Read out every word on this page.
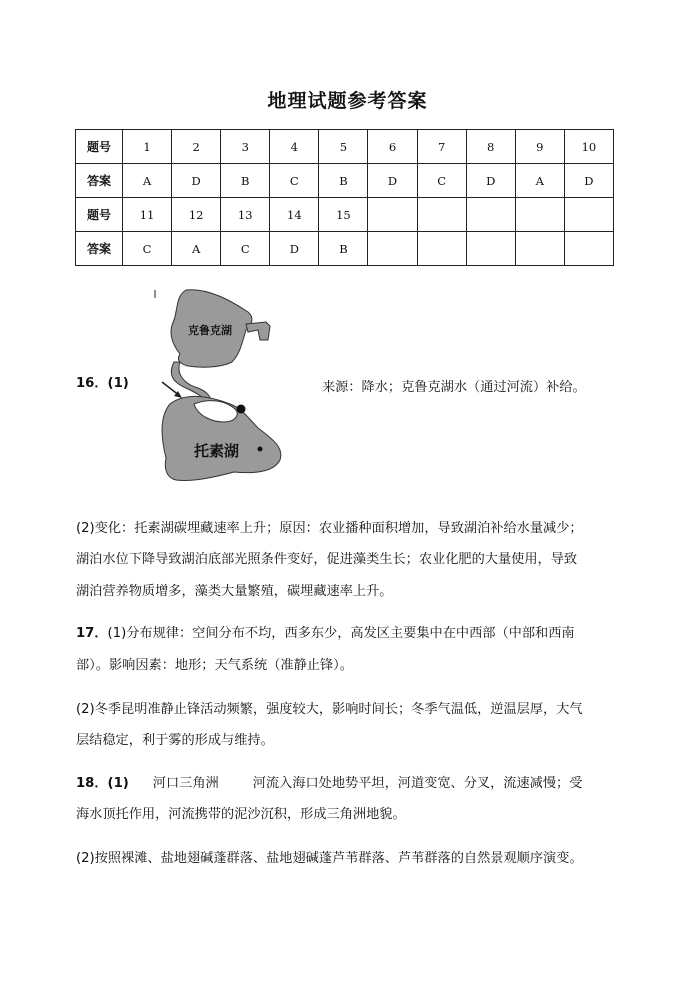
地理试题参考答案
题号	1	2	3	4	5	6	7	8	9	10
答案	A	D	B	C	B	D	C	D	A	D
题号	11	12	13	14	15					
答案	C	A	C	D	B					
16．(1)
克鲁克湖
托素湖
来源：降水；克鲁克湖水（通过河流）补给。
(2)变化：托素湖碳埋藏速率上升；原因：农业播种面积增加，导致湖泊补给水量减少；
湖泊水位下降导致湖泊底部光照条件变好，促进藻类生长；农业化肥的大量使用，导致
湖泊营养物质增多，藻类大量繁殖，碳埋藏速率上升。
17．(1)分布规律：空间分布不均，西多东少，高发区主要集中在中西部（中部和西南
部）。影响因素：地形；天气系统（准静止锋）。
(2)冬季昆明准静止锋活动频繁，强度较大，影响时间长；冬季气温低，逆温层厚，大气
层结稳定，利于雾的形成与维持。
18．(1) 河口三角洲	河流入海口处地势平坦，河道变宽、分叉，流速减慢；受
海水顶托作用，河流携带的泥沙沉积，形成三角洲地貌。
(2)按照裸滩、盐地翅碱蓬群落、盐地翅碱蓬芦苇群落、芦苇群落的自然景观顺序演变。
